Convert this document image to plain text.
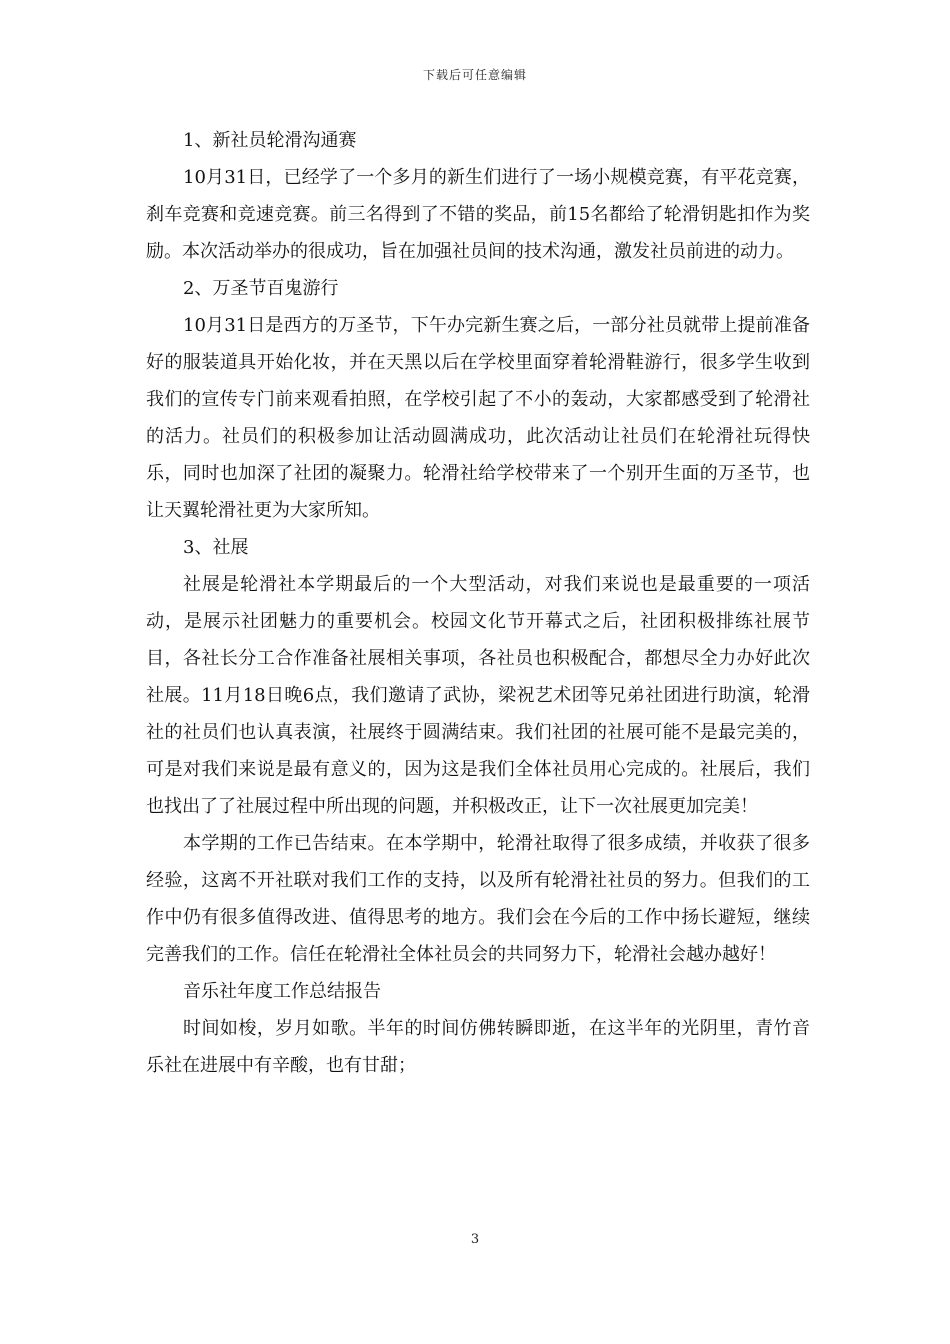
下载后可任意编辑

1、新社员轮滑沟通赛

10月31日，已经学了一个多月的新生们进行了一场小规模竞赛，有平花竞赛，刹车竞赛和竞速竞赛。前三名得到了不错的奖品，前15名都给了轮滑钥匙扣作为奖励。本次活动举办的很成功，旨在加强社员间的技术沟通，激发社员前进的动力。

2、万圣节百鬼游行

10月31日是西方的万圣节，下午办完新生赛之后，一部分社员就带上提前准备好的服装道具开始化妆，并在天黑以后在学校里面穿着轮滑鞋游行，很多学生收到我们的宣传专门前来观看拍照，在学校引起了不小的轰动，大家都感受到了轮滑社的活力。社员们的积极参加让活动圆满成功，此次活动让社员们在轮滑社玩得快乐，同时也加深了社团的凝聚力。轮滑社给学校带来了一个别开生面的万圣节，也让天翼轮滑社更为大家所知。

3、社展

社展是轮滑社本学期最后的一个大型活动，对我们来说也是最重要的一项活动，是展示社团魅力的重要机会。校园文化节开幕式之后，社团积极排练社展节目，各社长分工合作准备社展相关事项，各社员也积极配合，都想尽全力办好此次社展。11月18日晚6点，我们邀请了武协，梁祝艺术团等兄弟社团进行助演，轮滑社的社员们也认真表演，社展终于圆满结束。我们社团的社展可能不是最完美的，可是对我们来说是最有意义的，因为这是我们全体社员用心完成的。社展后，我们也找出了了社展过程中所出现的问题，并积极改正，让下一次社展更加完美！

本学期的工作已告结束。在本学期中，轮滑社取得了很多成绩，并收获了很多经验，这离不开社联对我们工作的支持，以及所有轮滑社社员的努力。但我们的工作中仍有很多值得改进、值得思考的地方。我们会在今后的工作中扬长避短，继续完善我们的工作。信任在轮滑社全体社员会的共同努力下，轮滑社会越办越好！

音乐社年度工作总结报告

时间如梭，岁月如歌。半年的时间仿佛转瞬即逝，在这半年的光阴里，青竹音乐社在进展中有辛酸，也有甘甜；

3
